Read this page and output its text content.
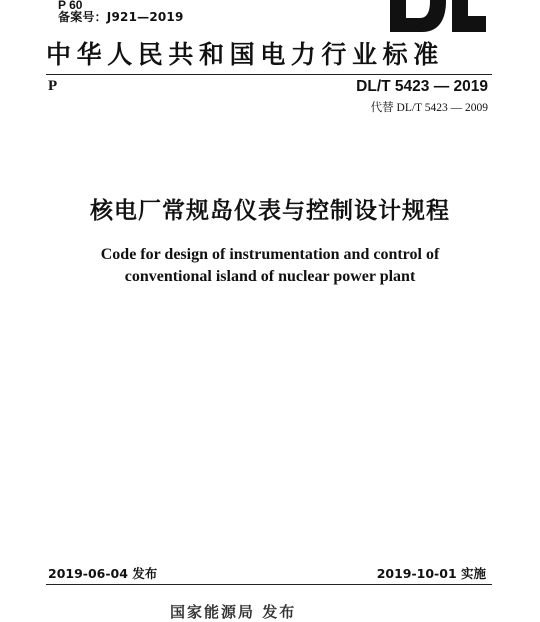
P 60
备案号：J921—2019
中华人民共和国电力行业标准
P	DL/T 5423 — 2019
代替 DL/T 5423 — 2009
核电厂常规岛仪表与控制设计规程
Code for design of instrumentation and control of
conventional island of nuclear power plant
2019-06-04 发布	2019-10-01 实施
国家能源局 发布
